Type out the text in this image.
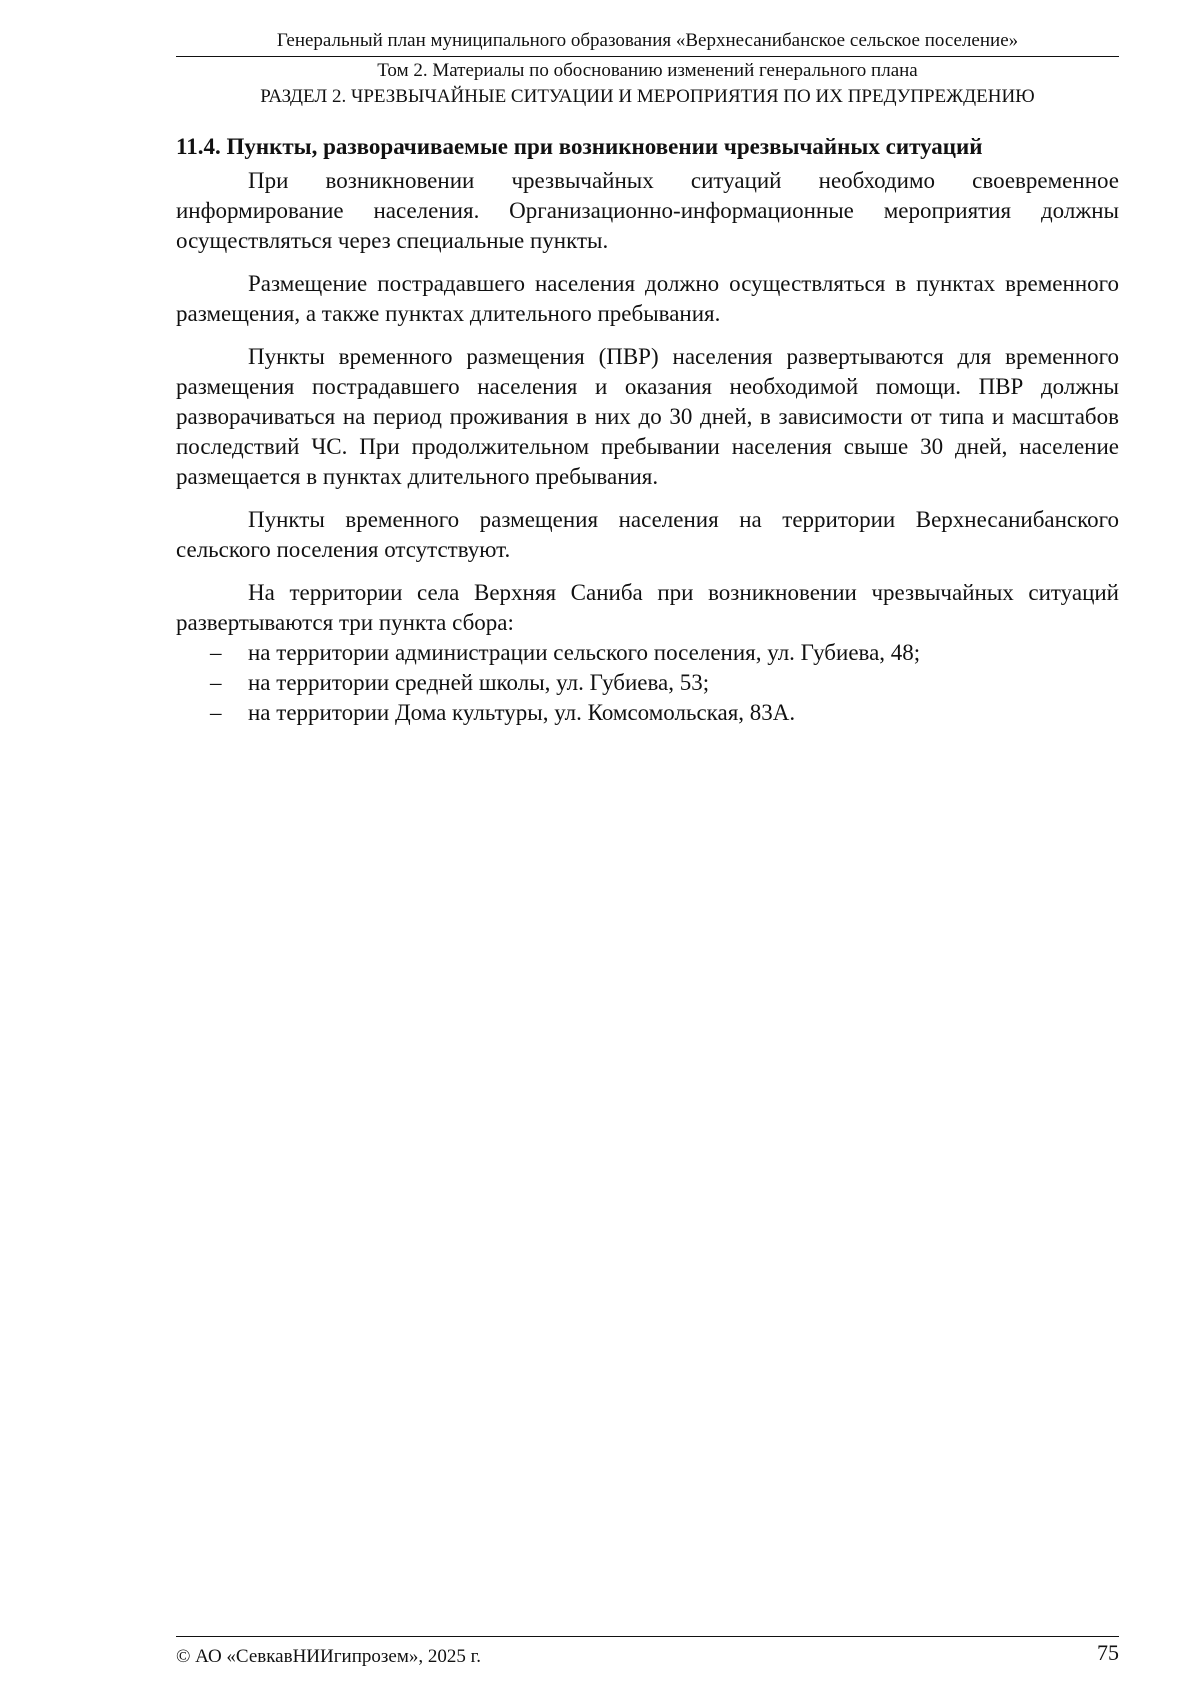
Генеральный план муниципального образования «Верхнесанибанское сельское поселение»
Том 2. Материалы по обоснованию изменений генерального плана
РАЗДЕЛ 2. ЧРЕЗВЫЧАЙНЫЕ СИТУАЦИИ И МЕРОПРИЯТИЯ ПО ИХ ПРЕДУПРЕЖДЕНИЮ
11.4. Пункты, разворачиваемые при возникновении чрезвычайных ситуаций

При возникновении чрезвычайных ситуаций необходимо своевременное информирование населения. Организационно-информационные мероприятия должны осуществляться через специальные пункты.

Размещение пострадавшего населения должно осуществляться в пунктах временного размещения, а также пунктах длительного пребывания.

Пункты временного размещения (ПВР) населения развертываются для временного размещения пострадавшего населения и оказания необходимой помощи. ПВР должны разворачиваться на период проживания в них до 30 дней, в зависимости от типа и масштабов последствий ЧС. При продолжительном пребывании населения свыше 30 дней, население размещается в пунктах длительного пребывания.

Пункты временного размещения населения на территории Верхнесанибанского сельского поселения отсутствуют.

На территории села Верхняя Саниба при возникновении чрезвычайных ситуаций развертываются три пункта сбора:

– на территории администрации сельского поселения, ул. Губиева, 48;
– на территории средней школы, ул. Губиева, 53;
– на территории Дома культуры, ул. Комсомольская, 83А.
© АО «СевкавНИИгипрозем», 2025 г.	75
